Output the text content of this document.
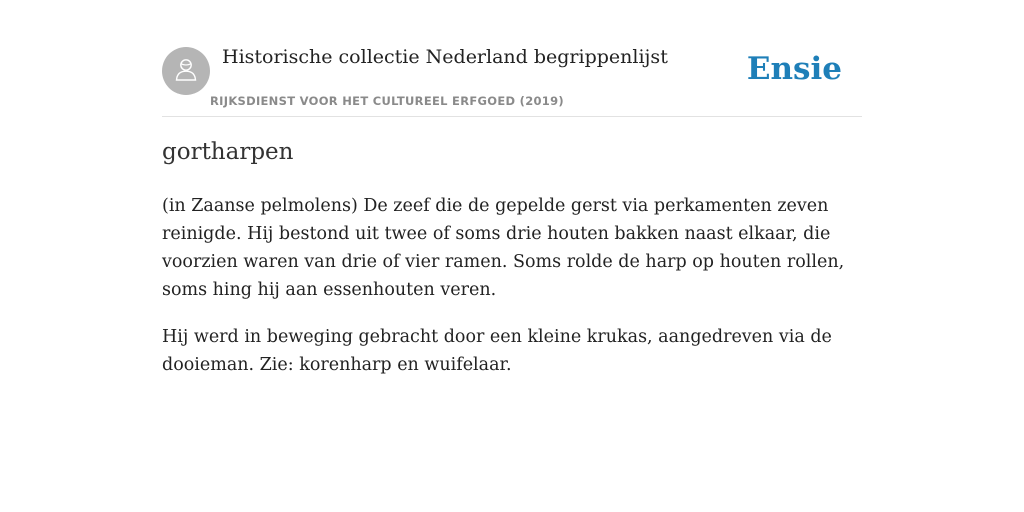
Historische collectie Nederland begrippenlijst
RIJKSDIENST VOOR HET CULTUREEL ERFGOED (2019)
Ensie
gortharpen

(in Zaanse pelmolens) De zeef die de gepelde gerst via perkamenten zeven reinigde. Hij bestond uit twee of soms drie houten bakken naast elkaar, die voorzien waren van drie of vier ramen. Soms rolde de harp op houten rollen, soms hing hij aan essenhouten veren.

Hij werd in beweging gebracht door een kleine krukas, aangedreven via de dooieman. Zie: korenharp en wuifelaar.
